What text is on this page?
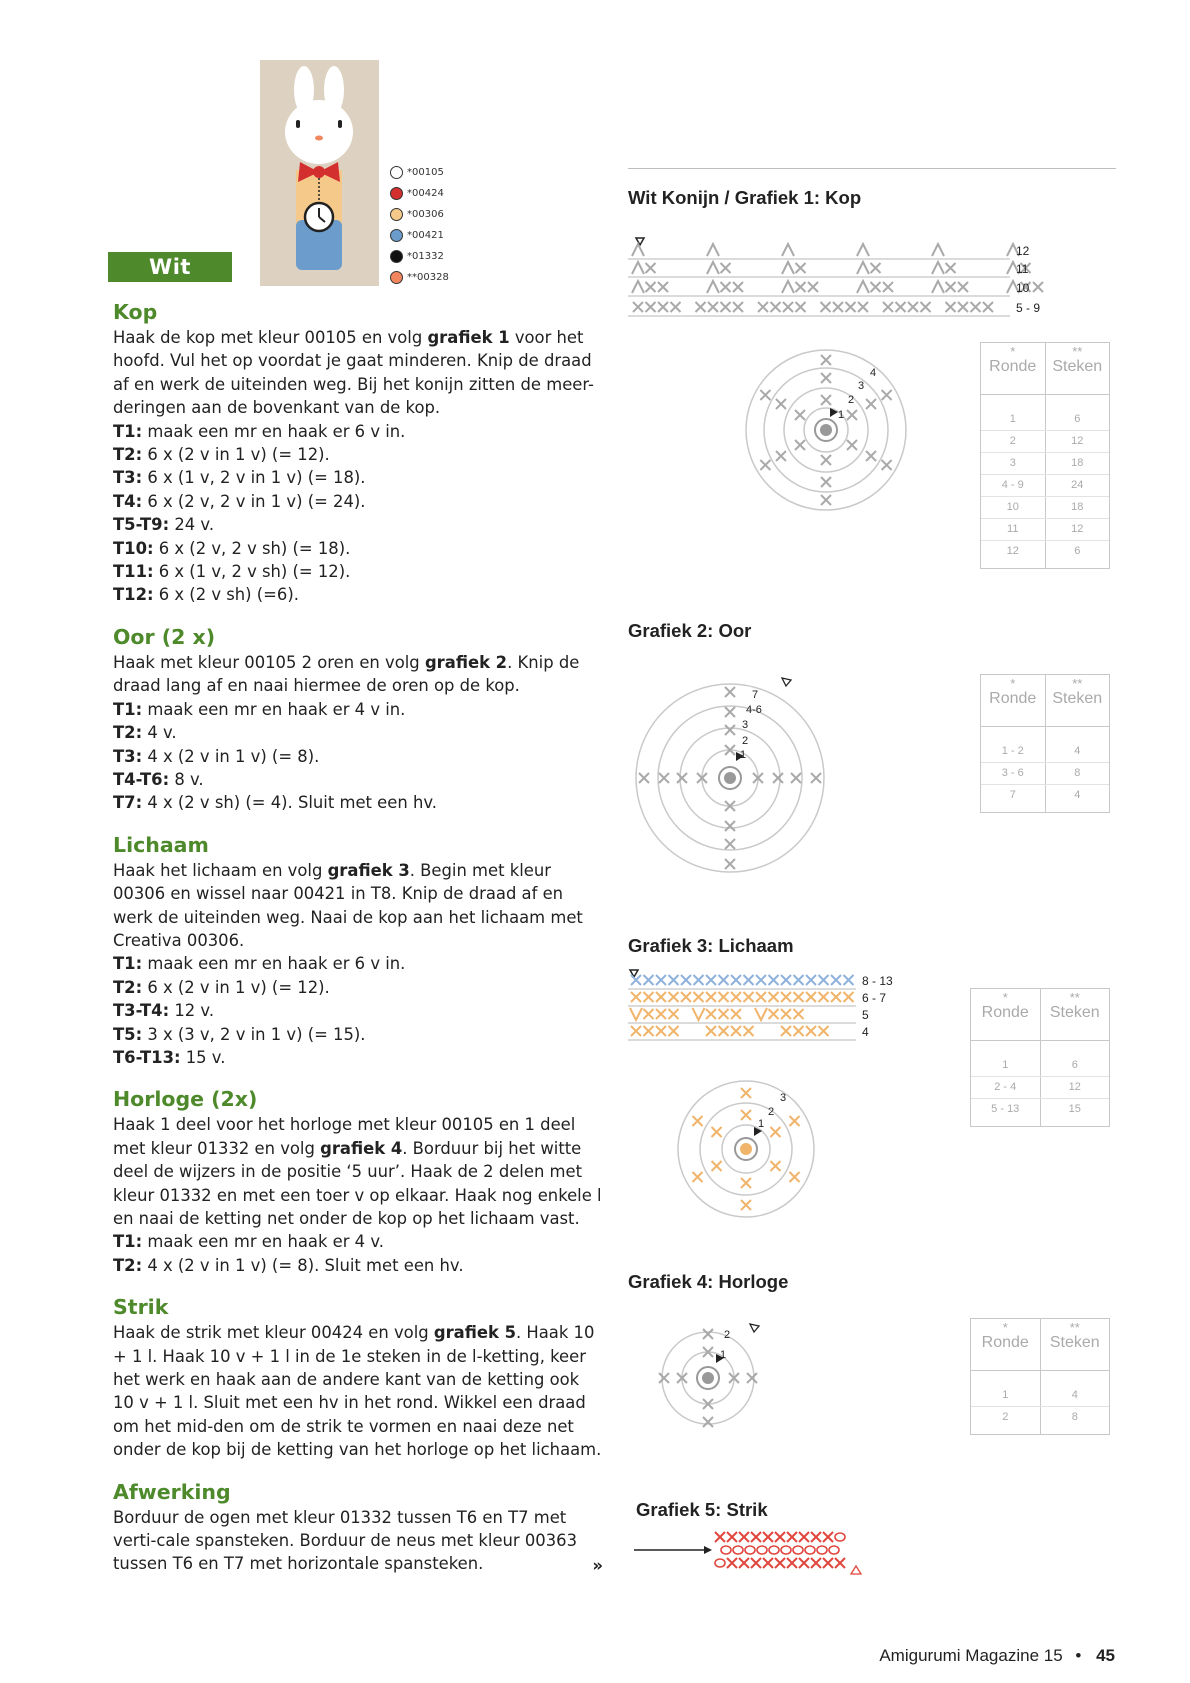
*00105
*00424
*00306
*00421
*01332
**00328
Wit konijn
Kop

Haak de kop met kleur 00105 en volg grafiek 1 voor het hoofd. Vul het op voordat je gaat minderen. Knip de draad af en werk de uiteinden weg. Bij het konijn zitten de meer-deringen aan de bovenkant van de kop.

T1: maak een mr en haak er 6 v in.

T2: 6 x (2 v in 1 v) (= 12).

T3: 6 x (1 v, 2 v in 1 v) (= 18).

T4: 6 x (2 v, 2 v in 1 v) (= 24).

T5-T9: 24 v.

T10: 6 x (2 v, 2 v sh) (= 18).

T11: 6 x (1 v, 2 v sh) (= 12).

T12: 6 x (2 v sh) (=6).

Oor (2 x)

Haak met kleur 00105 2 oren en volg grafiek 2. Knip de draad lang af en naai hiermee de oren op de kop.

T1: maak een mr en haak er 4 v in.

T2: 4 v.

T3: 4 x (2 v in 1 v) (= 8).

T4-T6: 8 v.

T7: 4 x (2 v sh) (= 4). Sluit met een hv.

Lichaam

Haak het lichaam en volg grafiek 3. Begin met kleur 00306 en wissel naar 00421 in T8. Knip de draad af en werk de uiteinden weg. Naai de kop aan het lichaam met Creativa 00306.

T1: maak een mr en haak er 6 v in.

T2: 6 x (2 v in 1 v) (= 12).

T3-T4: 12 v.

T5: 3 x (3 v, 2 v in 1 v) (= 15).

T6-T13: 15 v.

Horloge (2x)

Haak 1 deel voor het horloge met kleur 00105 en 1 deel met kleur 01332 en volg grafiek 4. Borduur bij het witte deel de wijzers in de positie ‘5 uur’. Haak de 2 delen met kleur 01332 en met een toer v op elkaar. Haak nog enkele l en naai de ketting net onder de kop op het lichaam vast.

T1: maak een mr en haak er 4 v.

T2: 4 x (2 v in 1 v) (= 8). Sluit met een hv.

Strik

Haak de strik met kleur 00424 en volg grafiek 5. Haak 10 + 1 l. Haak 10 v + 1 l in de 1e steken in de l-ketting, keer het werk en haak aan de andere kant van de ketting ook 10 v + 1 l. Sluit met een hv in het rond. Wikkel een draad om het mid-den om de strik te vormen en naai deze net onder de kop bij de ketting van het horloge op het lichaam.

Afwerking

Borduur de ogen met kleur 01332 tussen T6 en T7 met verti-cale spansteken. Borduur de neus met kleur 00363 tussen T6 en T7 met horizontale spansteken.	»
Wit Konijn / Grafiek 1: Kop
Grafiek 2: Oor
Grafiek 3: Lichaam
Grafiek 4: Horloge
Grafiek 5: Strik
12
11
10
5 - 9
1
2
3
4
1
2
3
4-6
7
8 - 13
6 - 7
5
4
1
2
3
1
2
*
Ronde
**
Steken
1	6
2	12
3	18
4 - 9	24
10	18
11	12
12	6
*
Ronde
**
Steken
1 - 2	4
3 - 6	8
7	4
*
Ronde
**
Steken
1	6
2 - 4	12
5 - 13	15
*
Ronde
**
Steken
1	4
2	8
Amigurumi Magazine 15 • 45
